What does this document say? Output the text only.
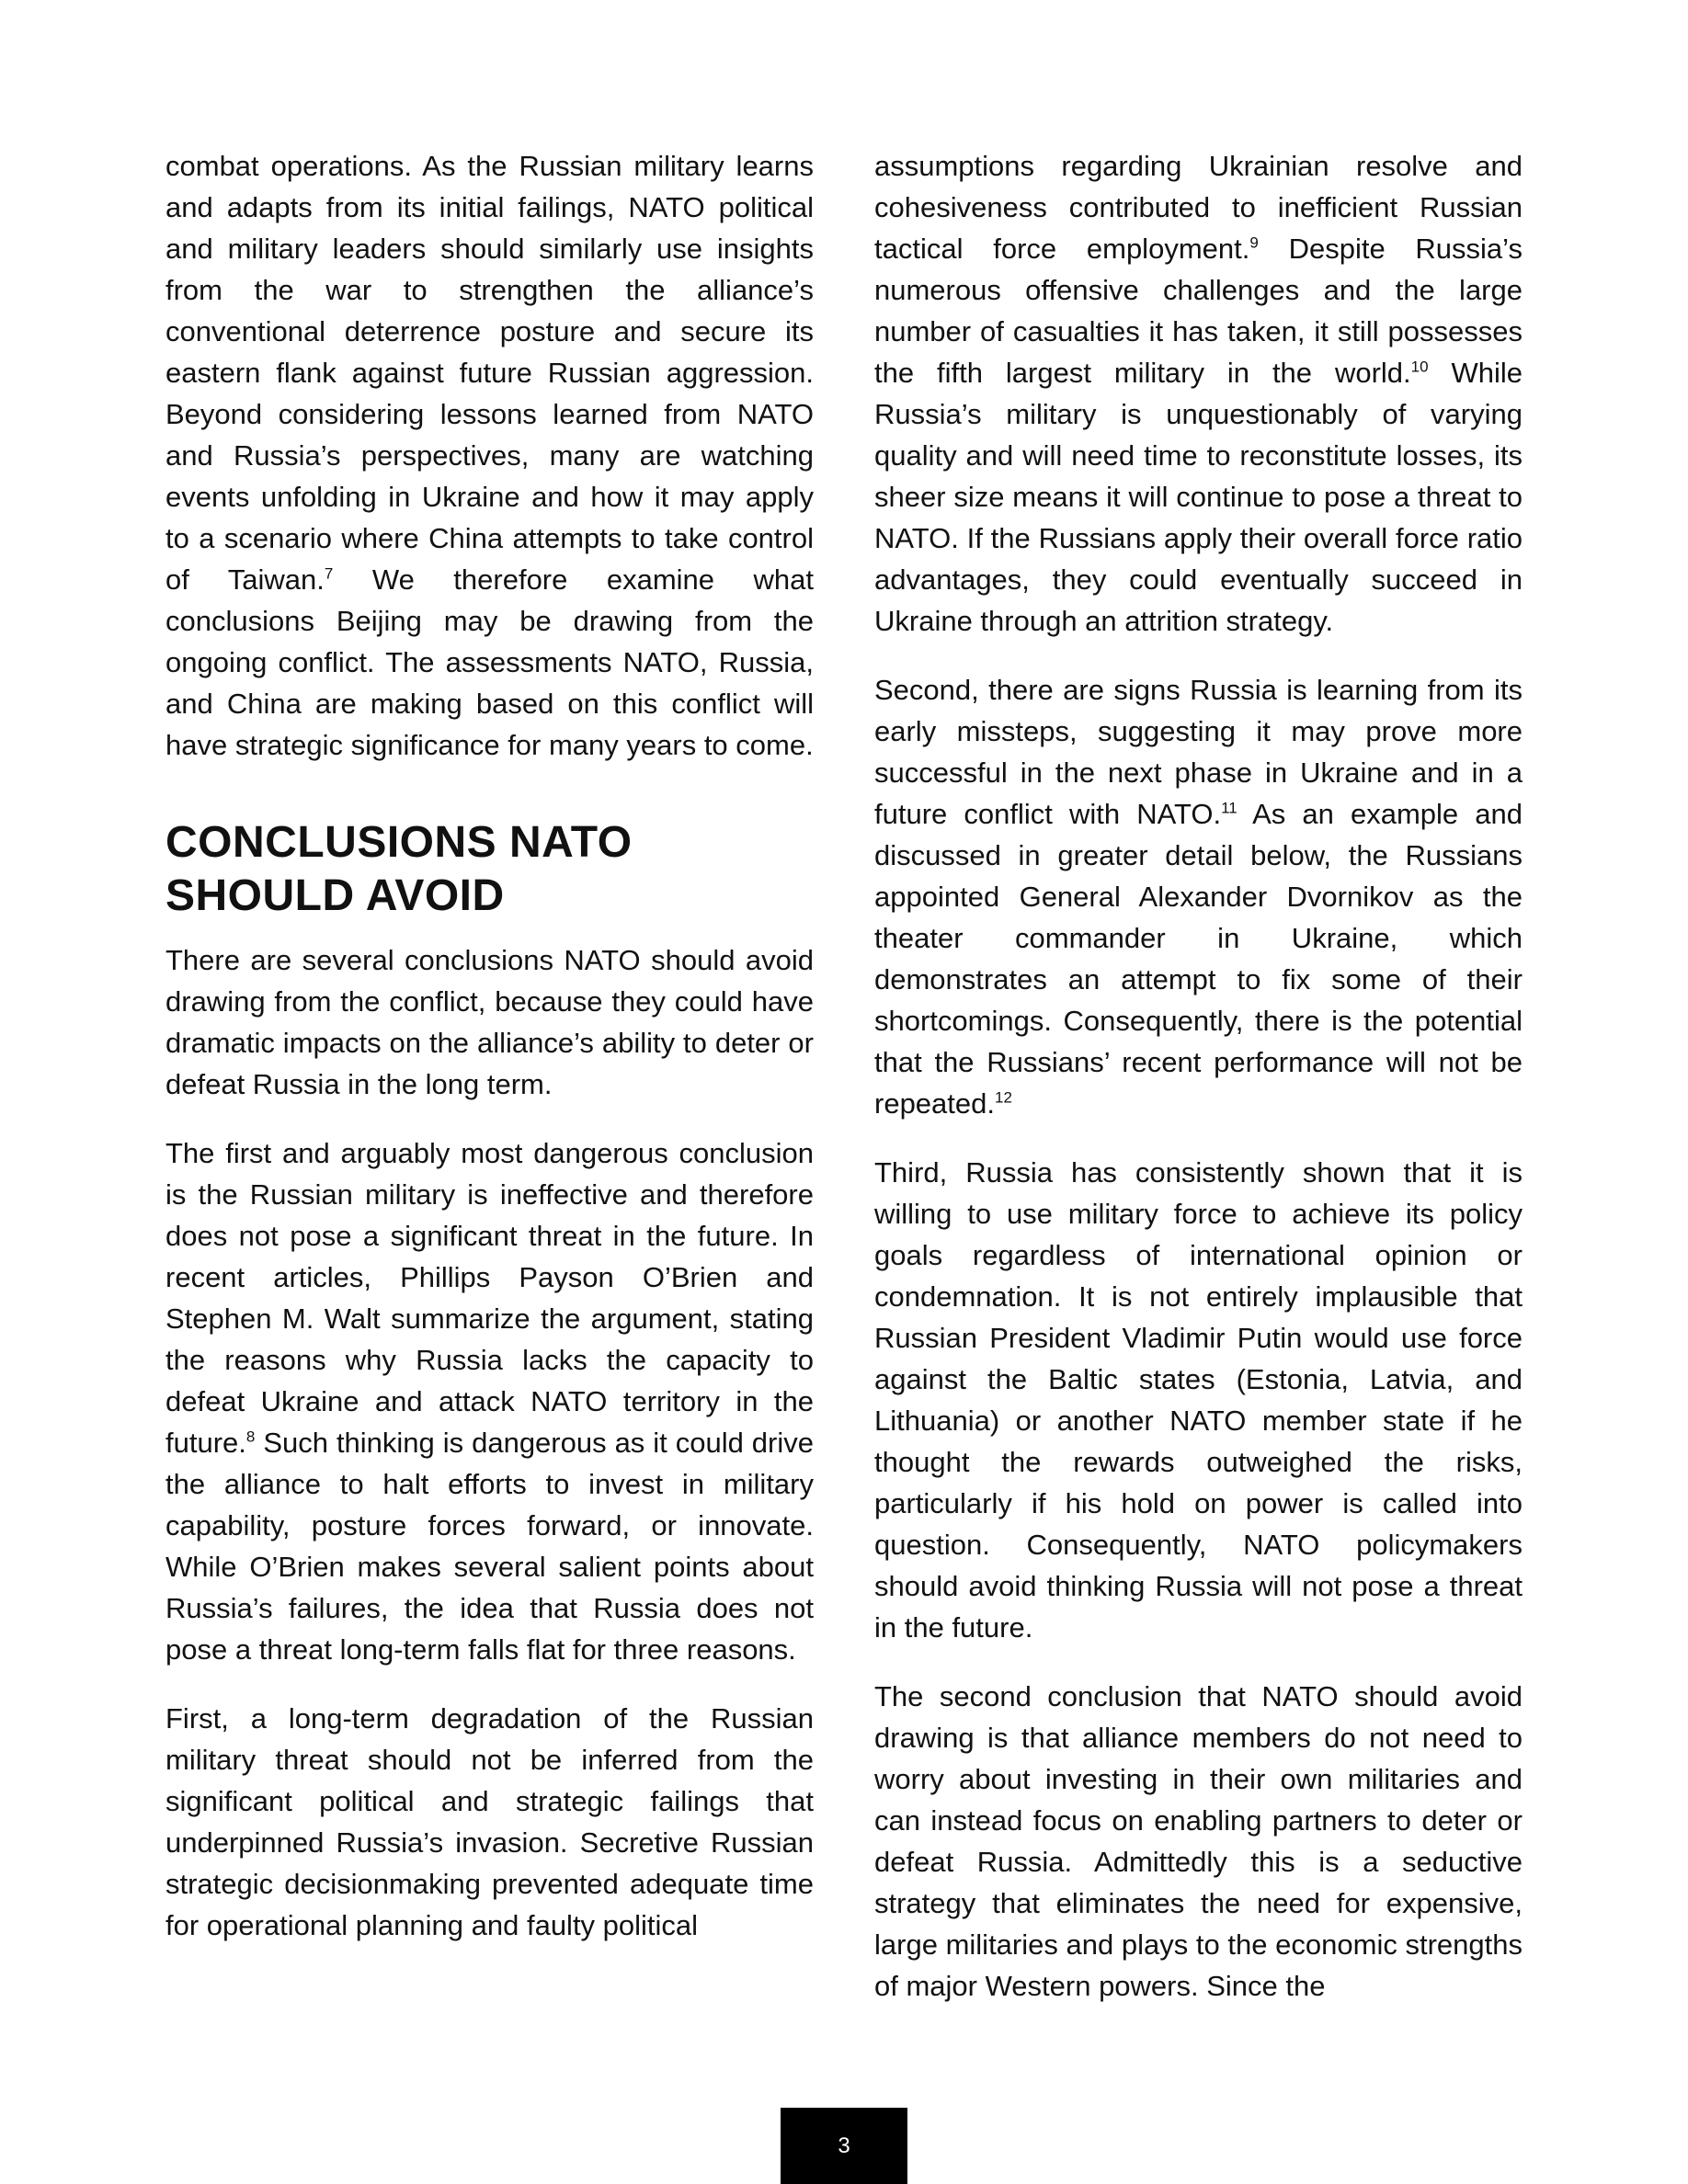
combat operations. As the Russian military learns and adapts from its initial failings, NATO political and military leaders should similarly use insights from the war to strengthen the alliance’s conventional deterrence posture and secure its eastern flank against future Russian aggression. Beyond considering lessons learned from NATO and Russia’s perspectives, many are watching events unfolding in Ukraine and how it may apply to a scenario where China attempts to take control of Taiwan.$^7$ We therefore examine what conclusions Beijing may be drawing from the ongoing conflict. The assessments NATO, Russia, and China are making based on this conflict will have strategic significance for many years to come.

CONCLUSIONS NATO SHOULD AVOID

There are several conclusions NATO should avoid drawing from the conflict, because they could have dramatic impacts on the alliance’s ability to deter or defeat Russia in the long term.

The first and arguably most dangerous conclusion is the Russian military is ineffective and therefore does not pose a significant threat in the future. In recent articles, Phillips Payson O’Brien and Stephen M. Walt summarize the argument, stating the reasons why Russia lacks the capacity to defeat Ukraine and attack NATO territory in the future.$^8$ Such thinking is dangerous as it could drive the alliance to halt efforts to invest in military capability, posture forces forward, or innovate. While O’Brien makes several salient points about Russia’s failures, the idea that Russia does not pose a threat long-term falls flat for three reasons.

First, a long-term degradation of the Russian military threat should not be inferred from the significant political and strategic failings that underpinned Russia’s invasion. Secretive Russian strategic decisionmaking prevented adequate time for operational planning and faulty political

assumptions regarding Ukrainian resolve and cohesiveness contributed to inefficient Russian tactical force employment.$^9$ Despite Russia’s numerous offensive challenges and the large number of casualties it has taken, it still possesses the fifth largest military in the world.$^{10}$ While Russia’s military is unquestionably of varying quality and will need time to reconstitute losses, its sheer size means it will continue to pose a threat to NATO. If the Russians apply their overall force ratio advantages, they could eventually succeed in Ukraine through an attrition strategy.

Second, there are signs Russia is learning from its early missteps, suggesting it may prove more successful in the next phase in Ukraine and in a future conflict with NATO.$^{11}$ As an example and discussed in greater detail below, the Russians appointed General Alexander Dvornikov as the theater commander in Ukraine, which demonstrates an attempt to fix some of their shortcomings. Consequently, there is the potential that the Russians’ recent performance will not be repeated.$^{12}$

Third, Russia has consistently shown that it is willing to use military force to achieve its policy goals regardless of international opinion or condemnation. It is not entirely implausible that Russian President Vladimir Putin would use force against the Baltic states (Estonia, Latvia, and Lithuania) or another NATO member state if he thought the rewards outweighed the risks, particularly if his hold on power is called into question. Consequently, NATO policymakers should avoid thinking Russia will not pose a threat in the future.

The second conclusion that NATO should avoid drawing is that alliance members do not need to worry about investing in their own militaries and can instead focus on enabling partners to deter or defeat Russia. Admittedly this is a seductive strategy that eliminates the need for expensive, large militaries and plays to the economic strengths of major Western powers. Since the

3
